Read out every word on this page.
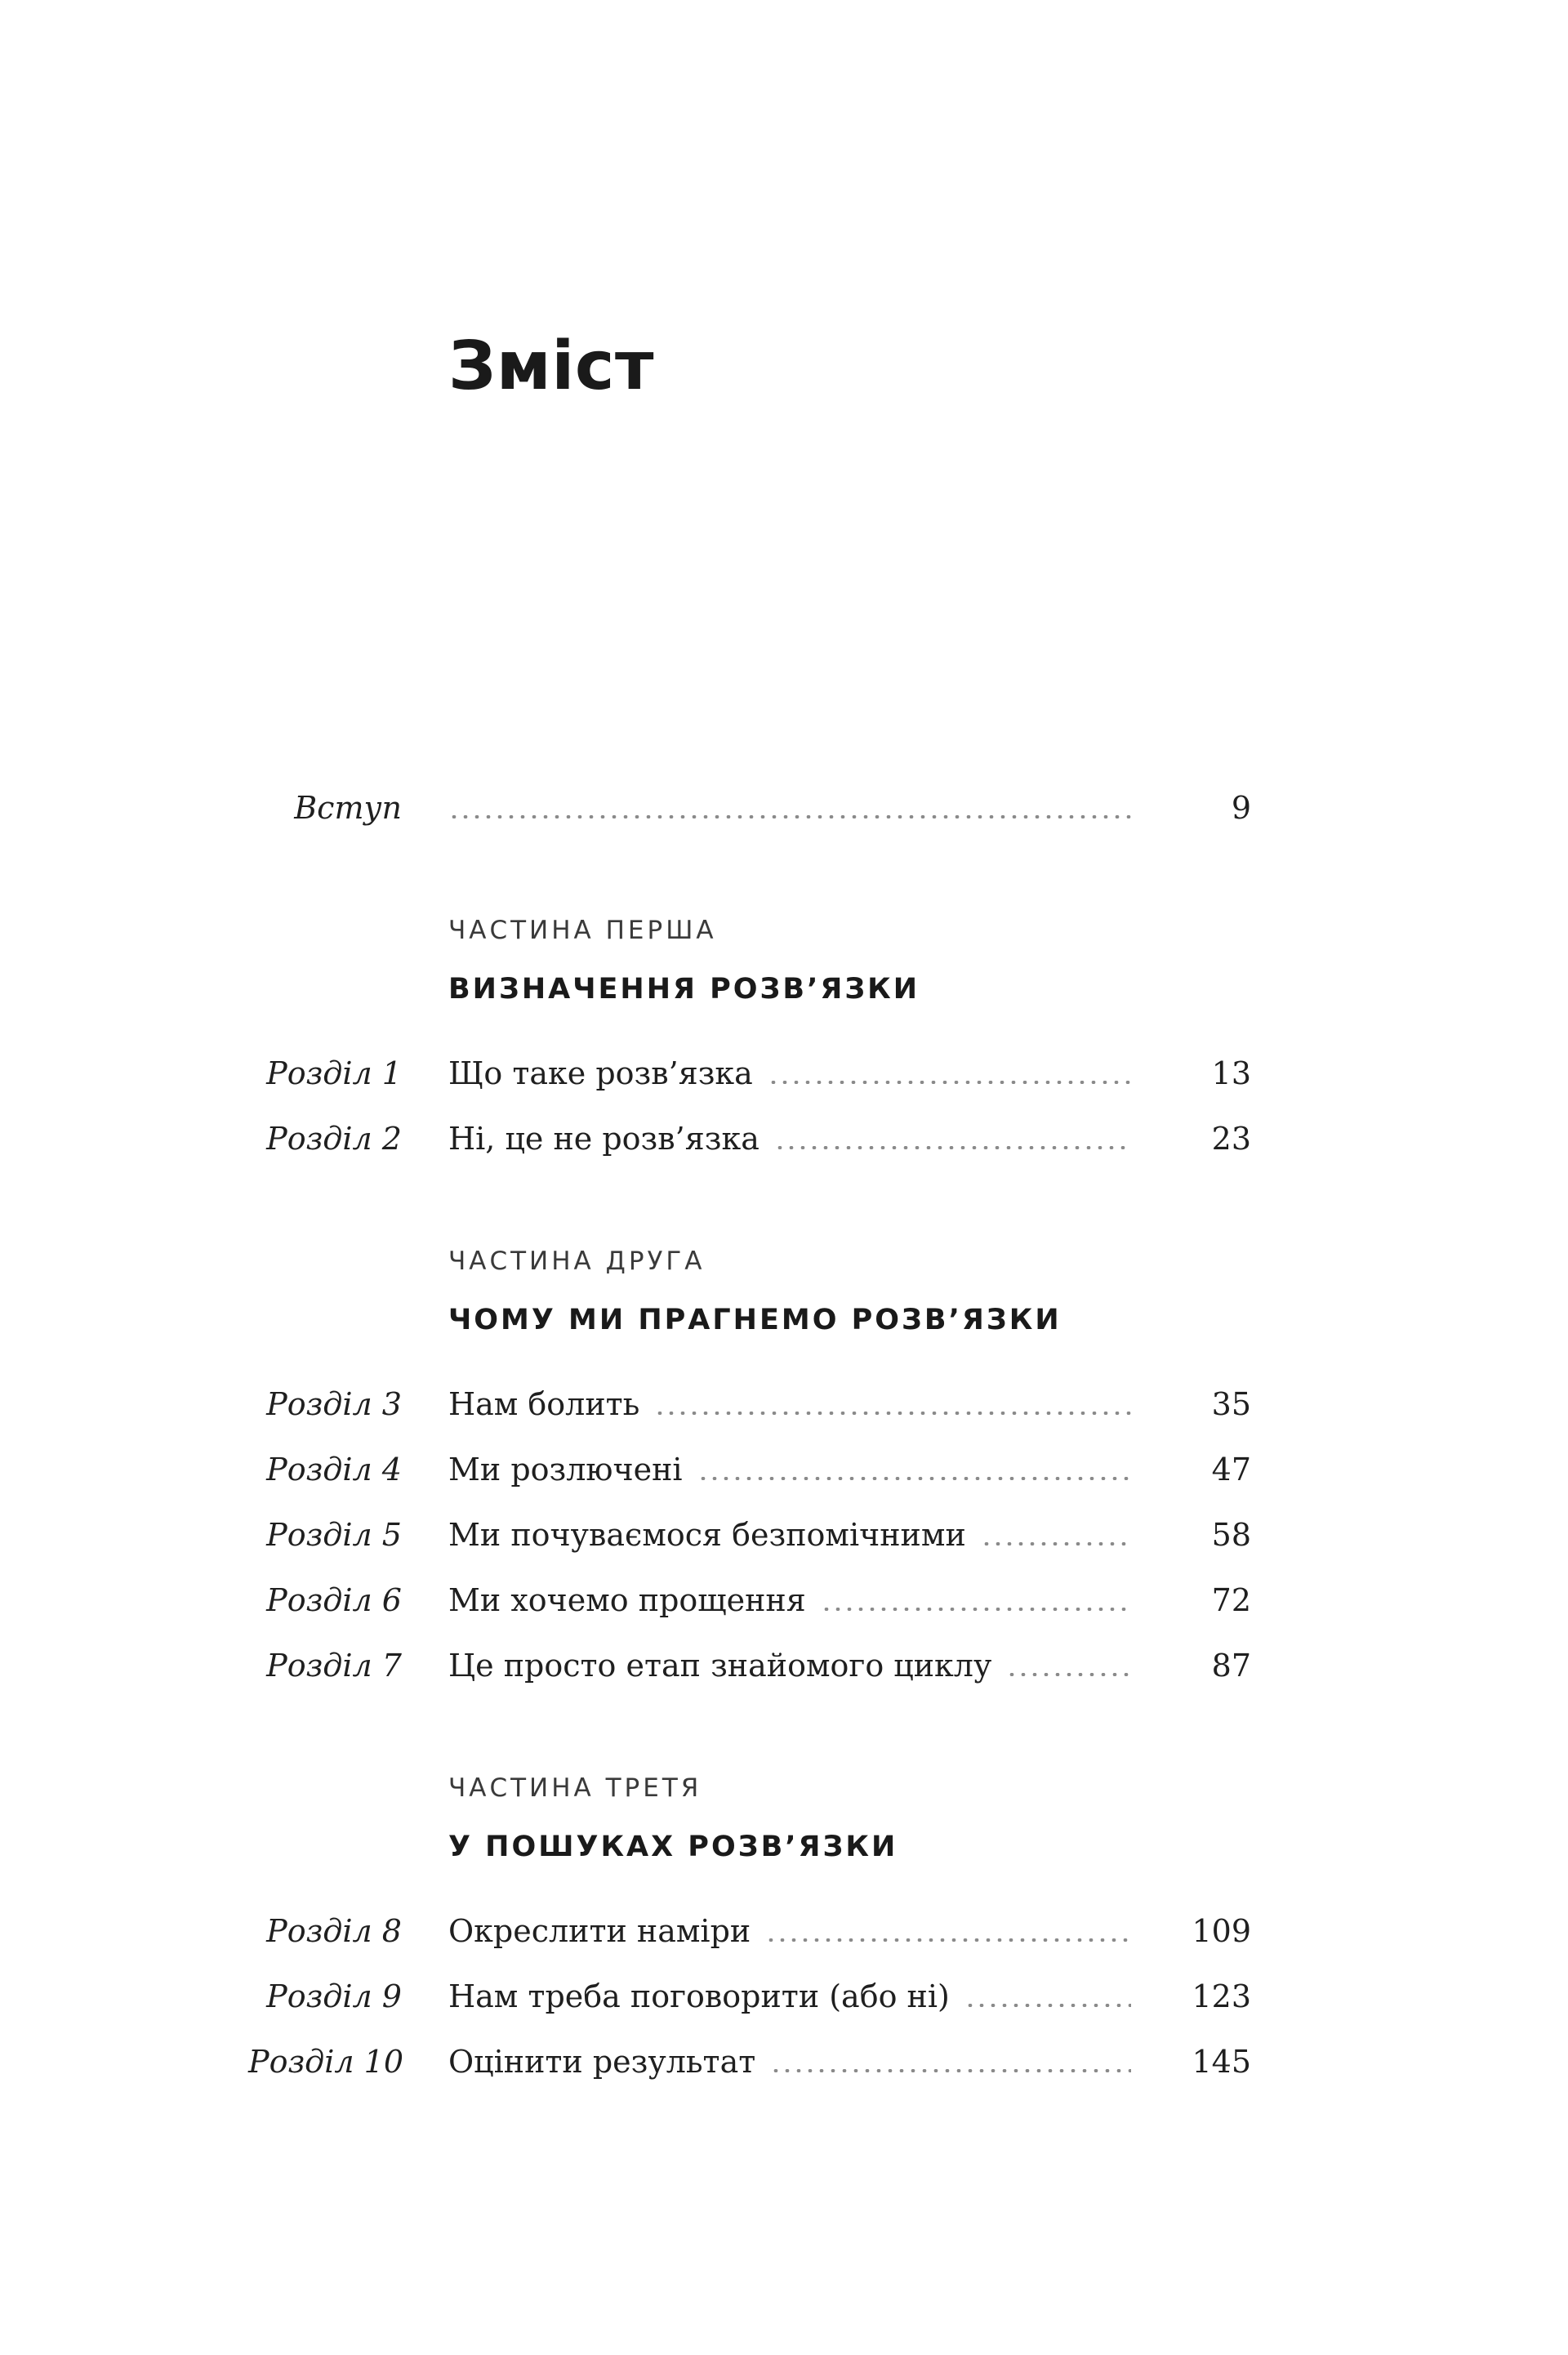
Зміст
Вступ	9
ЧАСТИНА ПЕРША
ВИЗНАЧЕННЯ РОЗВ’ЯЗКИ
Розділ 1 Що таке розв’язка	13
Розділ 2 Ні, це не розв’язка	23
ЧАСТИНА ДРУГА
ЧОМУ МИ ПРАГНЕМО РОЗВ’ЯЗКИ
Розділ 3 Нам болить	35
Розділ 4 Ми розлючені	47
Розділ 5 Ми почуваємося безпомічними	58
Розділ 6 Ми хочемо прощення	72
Розділ 7 Це просто етап знайомого циклу	87
ЧАСТИНА ТРЕТЯ
У ПОШУКАХ РОЗВ’ЯЗКИ
Розділ 8 Окреслити наміри	109
Розділ 9 Нам треба поговорити (або ні)	123
Розділ 10 Оцінити результат	145
